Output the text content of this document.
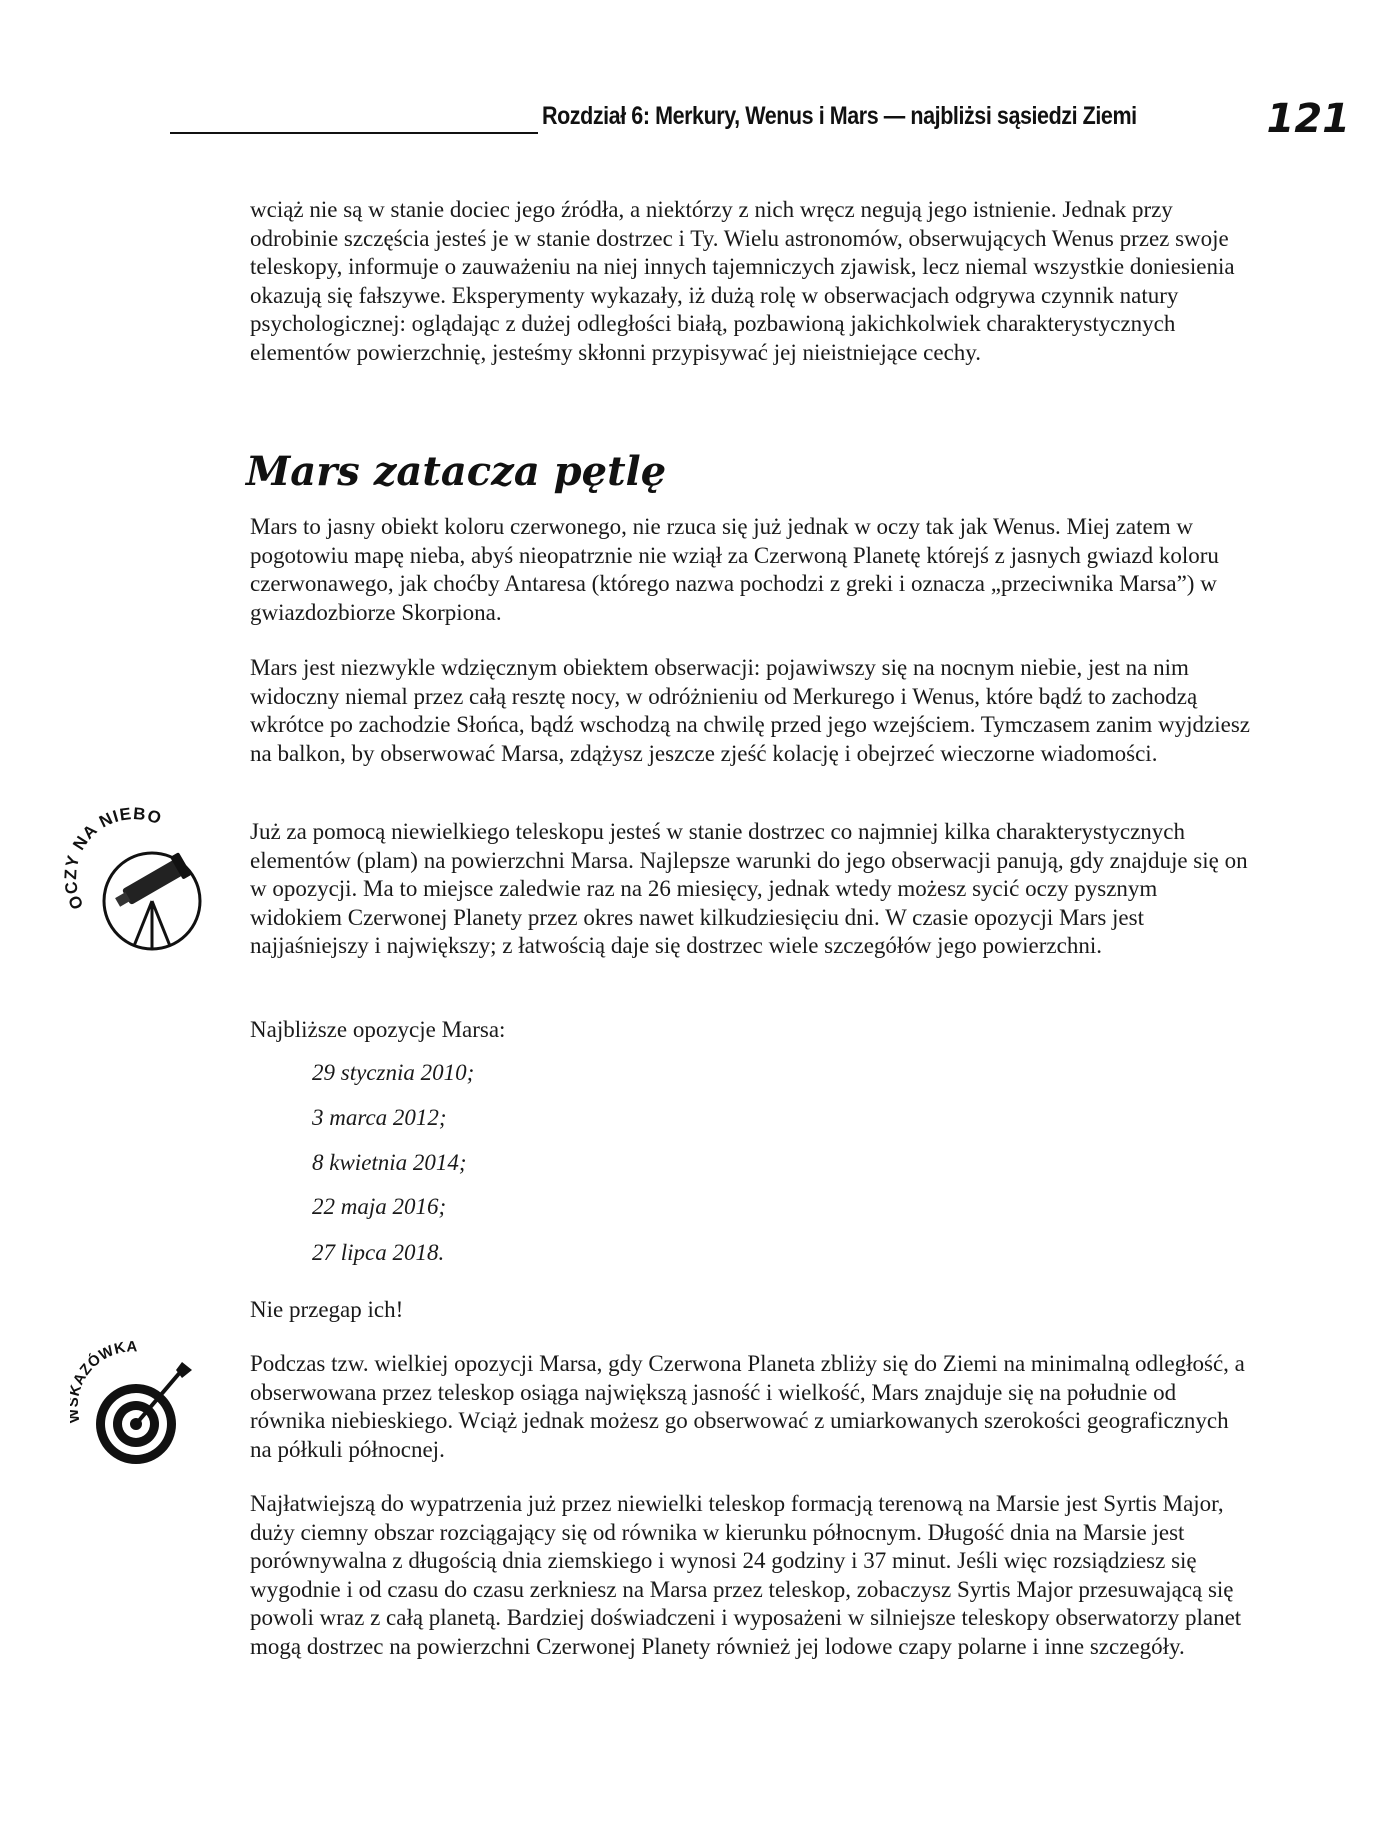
Rozdział 6: Merkury, Wenus i Mars — najbliżsi sąsiedzi Ziemi	121

wciąż nie są w stanie dociec jego źródła, a niektórzy z nich wręcz negują jego istnienie. Jednak przy odrobinie szczęścia jesteś je w stanie dostrzec i Ty. Wielu astronomów, obserwujących Wenus przez swoje teleskopy, informuje o zauważeniu na niej innych tajemniczych zjawisk, lecz niemal wszystkie doniesienia okazują się fałszywe. Eksperymenty wykazały, iż dużą rolę w obserwacjach odgrywa czynnik natury psychologicznej: oglądając z dużej odległości białą, pozbawioną jakichkolwiek charakterystycznych elementów powierzchnię, jesteśmy skłonni przypisywać jej nieistniejące cechy.

Mars zatacza pętlę

Mars to jasny obiekt koloru czerwonego, nie rzuca się już jednak w oczy tak jak Wenus. Miej zatem w pogotowiu mapę nieba, abyś nieopatrznie nie wziął za Czerwoną Planetę którejś z jasnych gwiazd koloru czerwonawego, jak choćby Antaresa (którego nazwa pochodzi z greki i oznacza „przeciwnika Marsa”) w gwiazdozbiorze Skorpiona.

Mars jest niezwykle wdzięcznym obiektem obserwacji: pojawiwszy się na nocnym niebie, jest na nim widoczny niemal przez całą resztę nocy, w odróżnieniu od Merkurego i Wenus, które bądź to zachodzą wkrótce po zachodzie Słońca, bądź wschodzą na chwilę przed jego wzejściem. Tymczasem zanim wyjdziesz na balkon, by obserwować Marsa, zdążysz jeszcze zjeść kolację i obejrzeć wieczorne wiadomości.

OCZY NA NIEBO

Już za pomocą niewielkiego teleskopu jesteś w stanie dostrzec co najmniej kilka charakterystycznych elementów (plam) na powierzchni Marsa. Najlepsze warunki do jego obserwacji panują, gdy znajduje się on w opozycji. Ma to miejsce zaledwie raz na 26 miesięcy, jednak wtedy możesz sycić oczy pysznym widokiem Czerwonej Planety przez okres nawet kilkudziesięciu dni. W czasie opozycji Mars jest najjaśniejszy i największy; z łatwością daje się dostrzec wiele szczegółów jego powierzchni.

Najbliższe opozycje Marsa:

29 stycznia 2010;

3 marca 2012;

8 kwietnia 2014;

22 maja 2016;

27 lipca 2018.

Nie przegap ich!

AZÓWKA

Podczas tzw. wielkiej opozycji Marsa, gdy Czerwona Planeta zbliży się do Ziemi na minimalną odległość, a obserwowana przez teleskop osiąga największą jasność i wielkość, Mars znajduje się na południe od równika niebieskiego. Wciąż jednak możesz go obserwować z umiarkowanych szerokości geograficznych na półkuli północnej.

Najłatwiejszą do wypatrzenia już przez niewielki teleskop formacją terenową na Marsie jest Syrtis Major, duży ciemny obszar rozciągający się od równika w kierunku północnym. Długość dnia na Marsie jest porównywalna z długością dnia ziemskiego i wynosi 24 godziny i 37 minut. Jeśli więc rozsiądziesz się wygodnie i od czasu do czasu zerkniesz na Marsa przez teleskop, zobaczysz Syrtis Major przesuwającą się powoli wraz z całą planetą. Bardziej doświadczeni i wyposażeni w silniejsze teleskopy obserwatorzy planet mogą dostrzec na powierzchni Czerwonej Planety również jej lodowe czapy polarne i inne szczegóły.
